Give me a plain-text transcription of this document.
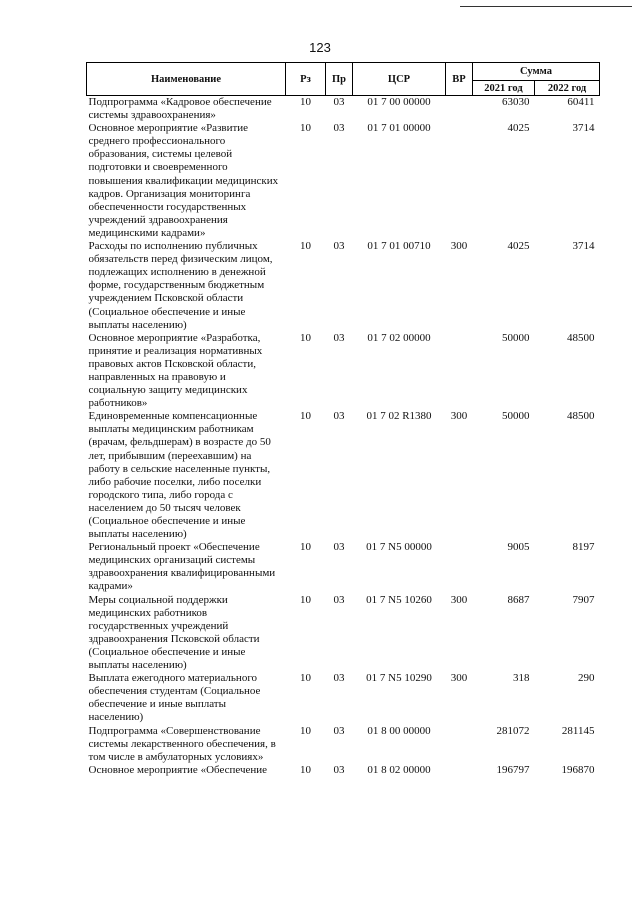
123
Наименование	Рз	Пр	ЦСР	ВР	Сумма	
					2021 год	2022 год
Подпрограмма «Кадровое обеспечение системы здравоохранения»	10	03	01 7 00 00000		63030	60411
Основное мероприятие «Развитие среднего профессионального образования, системы целевой подготовки и своевременного повышения квалификации медицинских кадров. Организация мониторинга обеспеченности государственных учреждений здравоохранения медицинскими кадрами»	10	03	01 7 01 00000		4025	3714
Расходы по исполнению публичных обязательств перед физическим лицом, подлежащих исполнению в денежной форме, государственным бюджетным учреждением Псковской области (Социальное обеспечение и иные выплаты населению)	10	03	01 7 01 00710	300	4025	3714
Основное мероприятие «Разработка, принятие и реализация нормативных правовых актов Псковской области, направленных на правовую и социальную защиту медицинских работников»	10	03	01 7 02 00000		50000	48500
Единовременные компенсационные выплаты медицинским работникам (врачам, фельдшерам) в возрасте до 50 лет, прибывшим (переехавшим) на работу в сельские населенные пункты, либо рабочие поселки, либо поселки городского типа, либо города с населением до 50 тысяч человек (Социальное обеспечение и иные выплаты населению)	10	03	01 7 02 R1380	300	50000	48500
Региональный проект «Обеспечение медицинских организаций системы здравоохранения квалифицированными кадрами»	10	03	01 7 N5 00000		9005	8197
Меры социальной поддержки медицинских работников государственных учреждений здравоохранения Псковской области (Социальное обеспечение и иные выплаты населению)	10	03	01 7 N5 10260	300	8687	7907
Выплата ежегодного материального обеспечения студентам (Социальное обеспечение и иные выплаты населению)	10	03	01 7 N5 10290	300	318	290
Подпрограмма «Совершенствование системы лекарственного обеспечения, в том числе в амбулаторных условиях»	10	03	01 8 00 00000		281072	281145
Основное мероприятие «Обеспечение	10	03	01 8 02 00000		196797	196870
